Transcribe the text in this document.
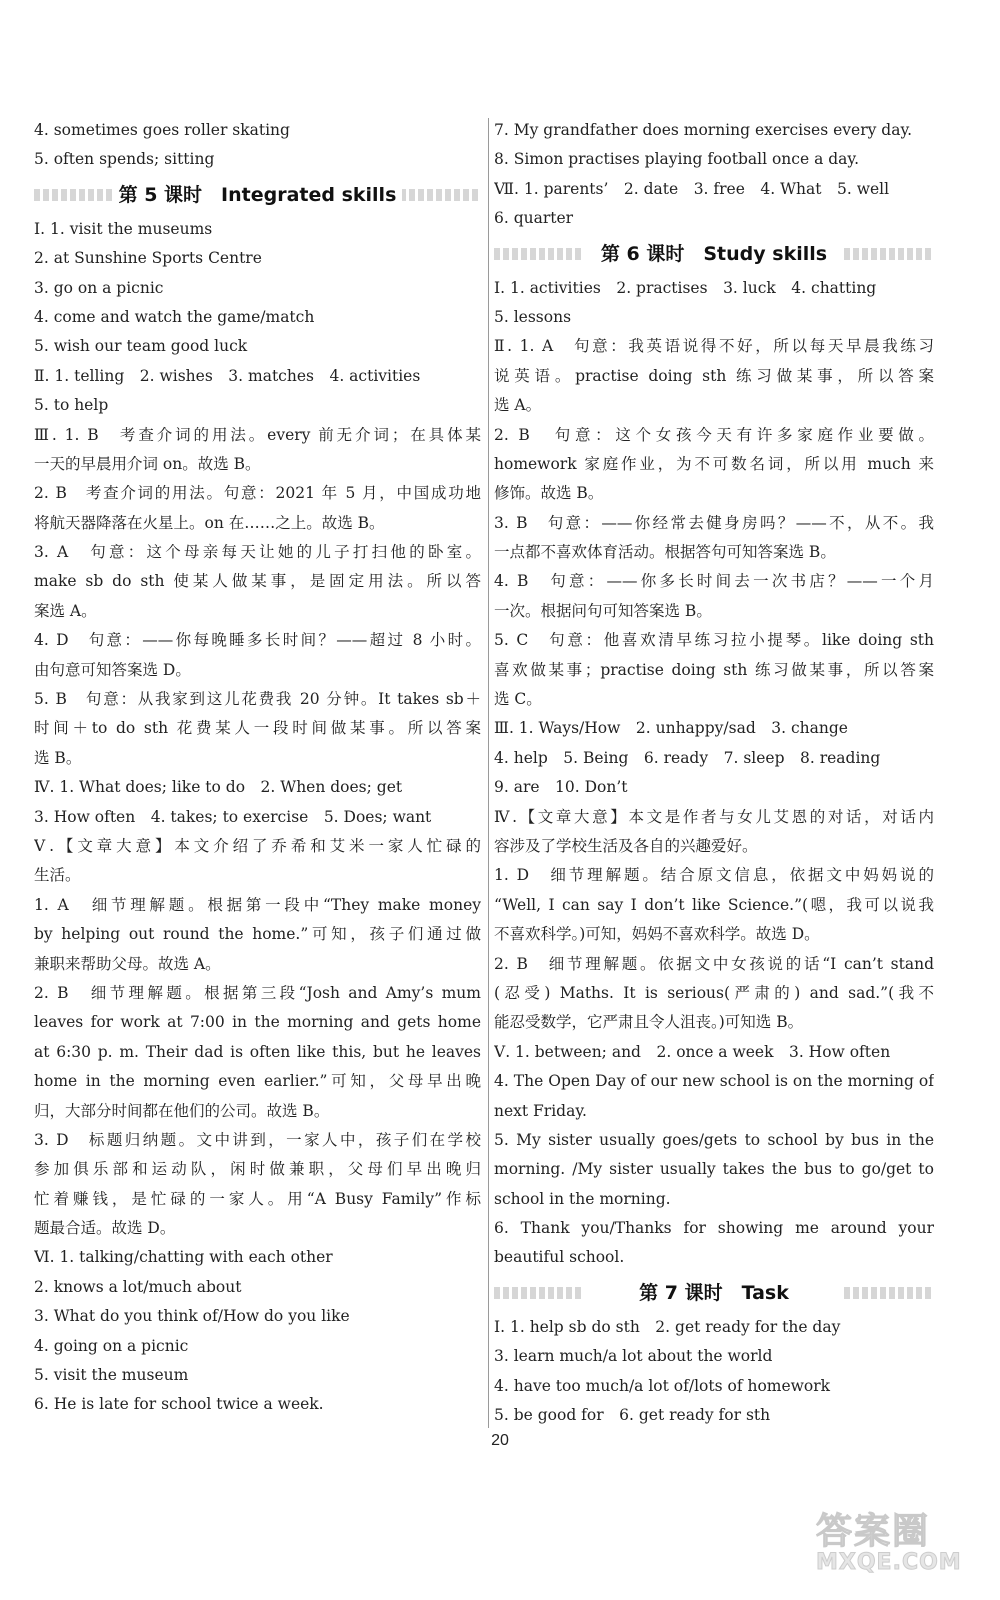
4. sometimes goes roller skating
5. often spends; sitting
第 5 课时　Integrated skills
Ⅰ. 1. visit the museums
2. at Sunshine Sports Centre
3. go on a picnic
4. come and watch the game/match
5. wish our team good luck
Ⅱ. 1. telling　2. wishes　3. matches　4. activities
5. to help
Ⅲ. 1. B　考查介词的用法。every 前无介词；在具体某
一天的早晨用介词 on。故选 B。
2. B　考查介词的用法。句意：2021 年 5 月，中国成功地
将航天器降落在火星上。on 在……之上。故选 B。
3. A　句意：这个母亲每天让她的儿子打扫他的卧室。
make sb do sth 使某人做某事，是固定用法。所以答
案选 A。
4. D　句意：——你每晚睡多长时间？——超过 8 小时。
由句意可知答案选 D。
5. B　句意：从我家到这儿花费我 20 分钟。It takes sb＋
时间＋to do sth 花费某人一段时间做某事。所以答案
选 B。
Ⅳ. 1. What does; like to do　2. When does; get
3. How often　4. takes; to exercise　5. Does; want
Ⅴ.【文章大意】本文介绍了乔希和艾米一家人忙碌的
生活。
1. A　细节理解题。根据第一段中“They make money
by helping out round the home.”可知，孩子们通过做
兼职来帮助父母。故选 A。
2. B　细节理解题。根据第三段“Josh and Amy’s mum
leaves for work at 7:00 in the morning and gets home
at 6:30 p. m. Their dad is often like this, but he leaves
home in the morning even earlier.”可知，父母早出晚
归，大部分时间都在他们的公司。故选 B。
3. D　标题归纳题。文中讲到，一家人中，孩子们在学校
参加俱乐部和运动队，闲时做兼职，父母们早出晚归
忙着赚钱，是忙碌的一家人。用“A Busy Family”作标
题最合适。故选 D。
Ⅵ. 1. talking/chatting with each other
2. knows a lot/much about
3. What do you think of/How do you like
4. going on a picnic
5. visit the museum
6. He is late for school twice a week.
7. My grandfather does morning exercises every day.
8. Simon practises playing football once a day.
Ⅶ. 1. parents’　2. date　3. free　4. What　5. well
6. quarter
第 6 课时　Study skills
Ⅰ. 1. activities　2. practises　3. luck　4. chatting
5. lessons
Ⅱ. 1. A　句意：我英语说得不好，所以每天早晨我练习
说英语。practise doing sth 练习做某事，所以答案
选 A。
2. B　句意：这个女孩今天有许多家庭作业要做。
homework 家庭作业，为不可数名词，所以用 much 来
修饰。故选 B。
3. B　句意：——你经常去健身房吗？——不，从不。我
一点都不喜欢体育活动。根据答句可知答案选 B。
4. B　句意：——你多长时间去一次书店？——一个月
一次。根据问句可知答案选 B。
5. C　句意：他喜欢清早练习拉小提琴。like doing sth
喜欢做某事；practise doing sth 练习做某事，所以答案
选 C。
Ⅲ. 1. Ways/How　2. unhappy/sad　3. change
4. help　5. Being　6. ready　7. sleep　8. reading
9. are　10. Don’t
Ⅳ.【文章大意】本文是作者与女儿艾恩的对话，对话内
容涉及了学校生活及各自的兴趣爱好。
1. D　细节理解题。结合原文信息，依据文中妈妈说的
“Well, I can say I don’t like Science.”(嗯，我可以说我
不喜欢科学。)可知，妈妈不喜欢科学。故选 D。
2. B　细节理解题。依据文中女孩说的话“I can’t stand
(忍受) Maths. It is serious(严肃的) and sad.”(我不
能忍受数学，它严肃且令人沮丧。)可知选 B。
Ⅴ. 1. between; and　2. once a week　3. How often
4. The Open Day of our new school is on the morning of
next Friday.
5. My sister usually goes/gets to school by bus in the
morning. /My sister usually takes the bus to go/get to
school in the morning.
6. Thank you/Thanks for showing me around your
beautiful school.
第 7 课时　Task
Ⅰ. 1. help sb do sth　2. get ready for the day
3. learn much/a lot about the world
4. have too much/a lot of/lots of homework
5. be good for　6. get ready for sth
20
答案圈
MXQE.COM
